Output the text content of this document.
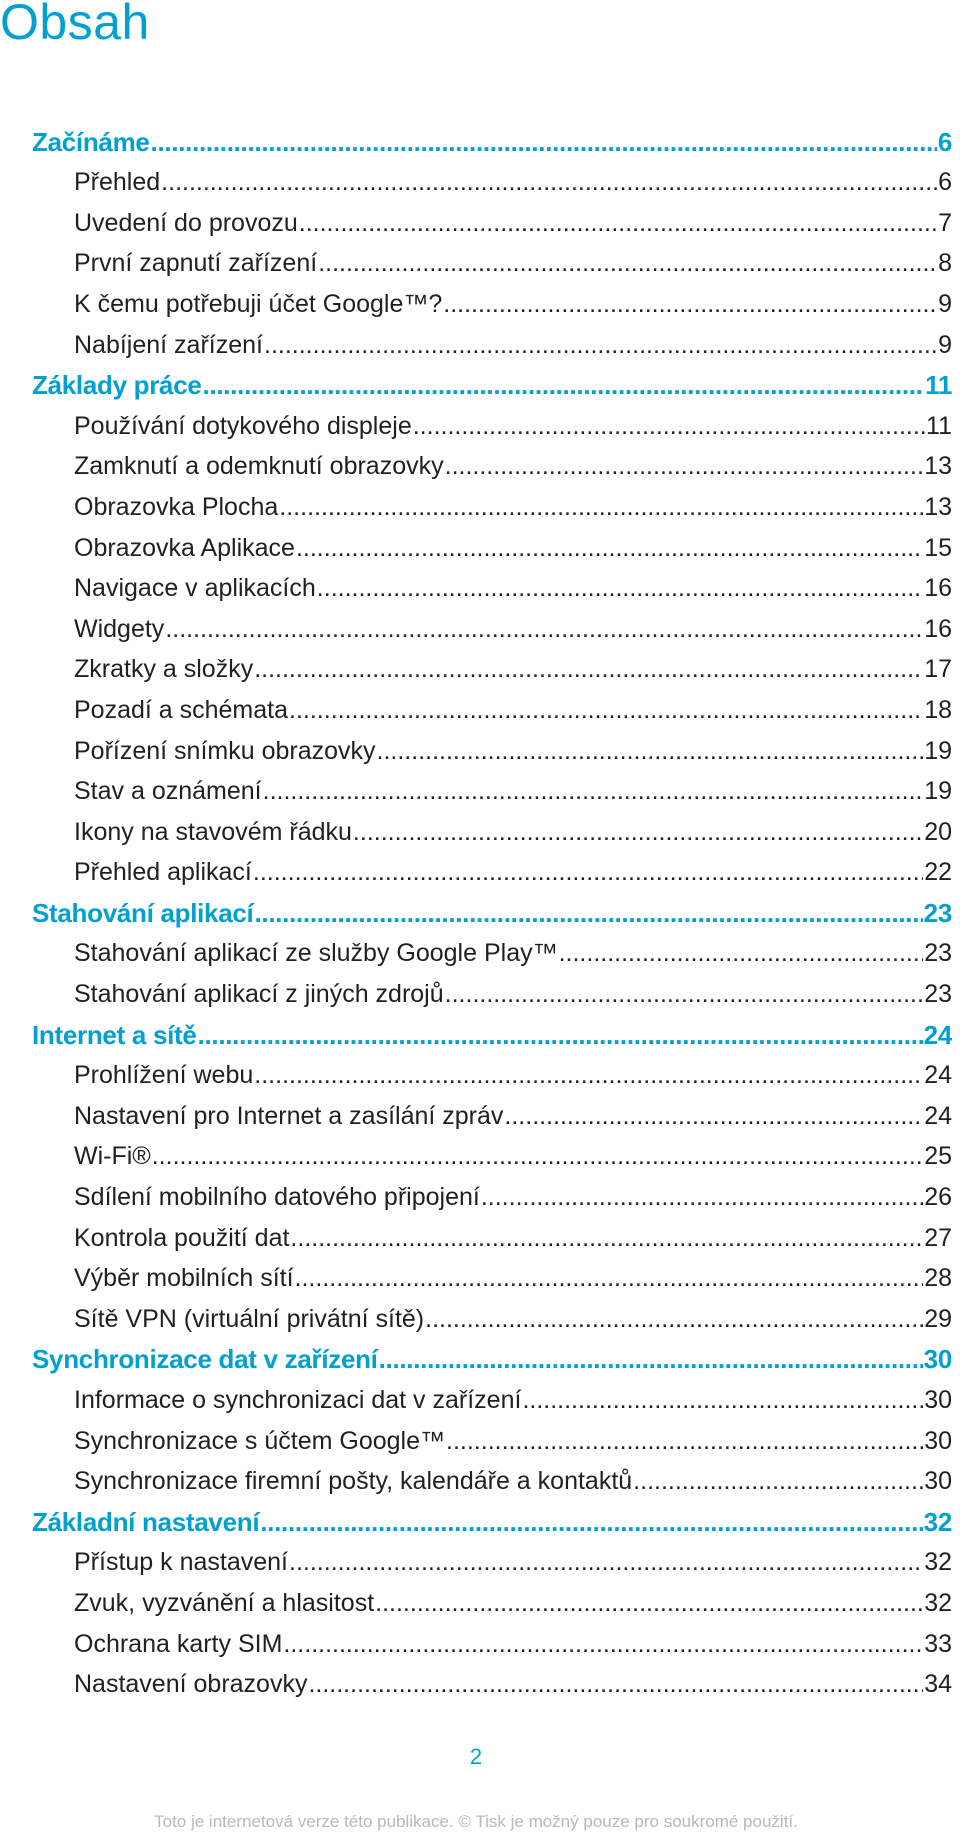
Obsah
Začínáme .....	6
Přehled .....	6
Uvedení do provozu .....	7
První zapnutí zařízení .....	8
K čemu potřebuji účet Google™? .....	9
Nabíjení zařízení .....	9
Základy práce .....	11
Používání dotykového displeje .....	11
Zamknutí a odemknutí obrazovky .....	13
Obrazovka Plocha .....	13
Obrazovka Aplikace .....	15
Navigace v aplikacích .....	16
Widgety .....	16
Zkratky a složky .....	17
Pozadí a schémata .....	18
Pořízení snímku obrazovky .....	19
Stav a oznámení .....	19
Ikony na stavovém řádku .....	20
Přehled aplikací .....	22
Stahování aplikací .....	23
Stahování aplikací ze služby Google Play™ .....	23
Stahování aplikací z jiných zdrojů .....	23
Internet a sítě .....	24
Prohlížení webu .....	24
Nastavení pro Internet a zasílání zpráv .....	24
Wi-Fi® .....	25
Sdílení mobilního datového připojení .....	26
Kontrola použití dat .....	27
Výběr mobilních sítí .....	28
Sítě VPN (virtuální privátní sítě) .....	29
Synchronizace dat v zařízení .....	30
Informace o synchronizaci dat v zařízení .....	30
Synchronizace s účtem Google™ .....	30
Synchronizace firemní pošty, kalendáře a kontaktů .....	30
Základní nastavení .....	32
Přístup k nastavení .....	32
Zvuk, vyzvánění a hlasitost .....	32
Ochrana karty SIM .....	33
Nastavení obrazovky .....	34
2
Toto je internetová verze této publikace. © Tisk je možný pouze pro soukromé použití.
